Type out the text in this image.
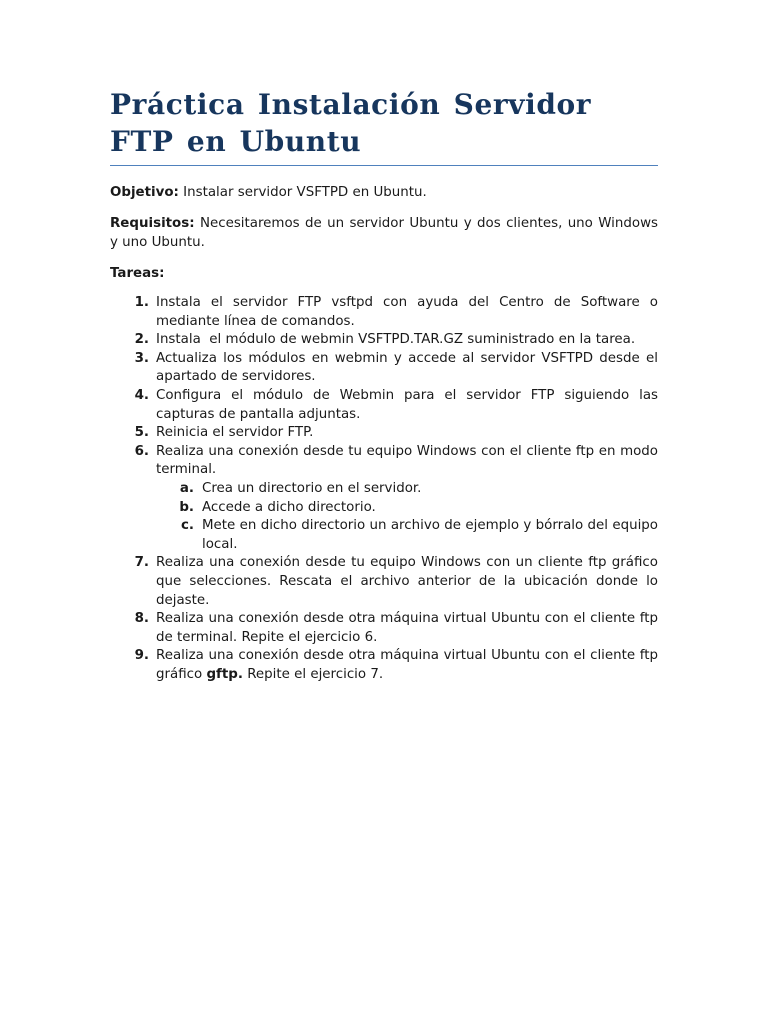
Práctica Instalación Servidor FTP en Ubuntu

Objetivo: Instalar servidor VSFTPD en Ubuntu.

Requisitos: Necesitaremos de un servidor Ubuntu y dos clientes, uno Windows y uno Ubuntu.

Tareas:

1. Instala el servidor FTP vsftpd con ayuda del Centro de Software o mediante línea de comandos.
2. Instala  el módulo de webmin VSFTPD.TAR.GZ suministrado en la tarea.
3. Actualiza los módulos en webmin y accede al servidor VSFTPD desde el apartado de servidores.
4. Configura el módulo de Webmin para el servidor FTP siguiendo las capturas de pantalla adjuntas.
5. Reinicia el servidor FTP.
6. Realiza una conexión desde tu equipo Windows con el cliente ftp en modo terminal.
a. Crea un directorio en el servidor.
b. Accede a dicho directorio.
c. Mete en dicho directorio un archivo de ejemplo y bórralo del equipo local.
7. Realiza una conexión desde tu equipo Windows con un cliente ftp gráfico que selecciones. Rescata el archivo anterior de la ubicación donde lo dejaste.
8. Realiza una conexión desde otra máquina virtual Ubuntu con el cliente ftp de terminal. Repite el ejercicio 6.
9. Realiza una conexión desde otra máquina virtual Ubuntu con el cliente ftp gráfico gftp. Repite el ejercicio 7.
